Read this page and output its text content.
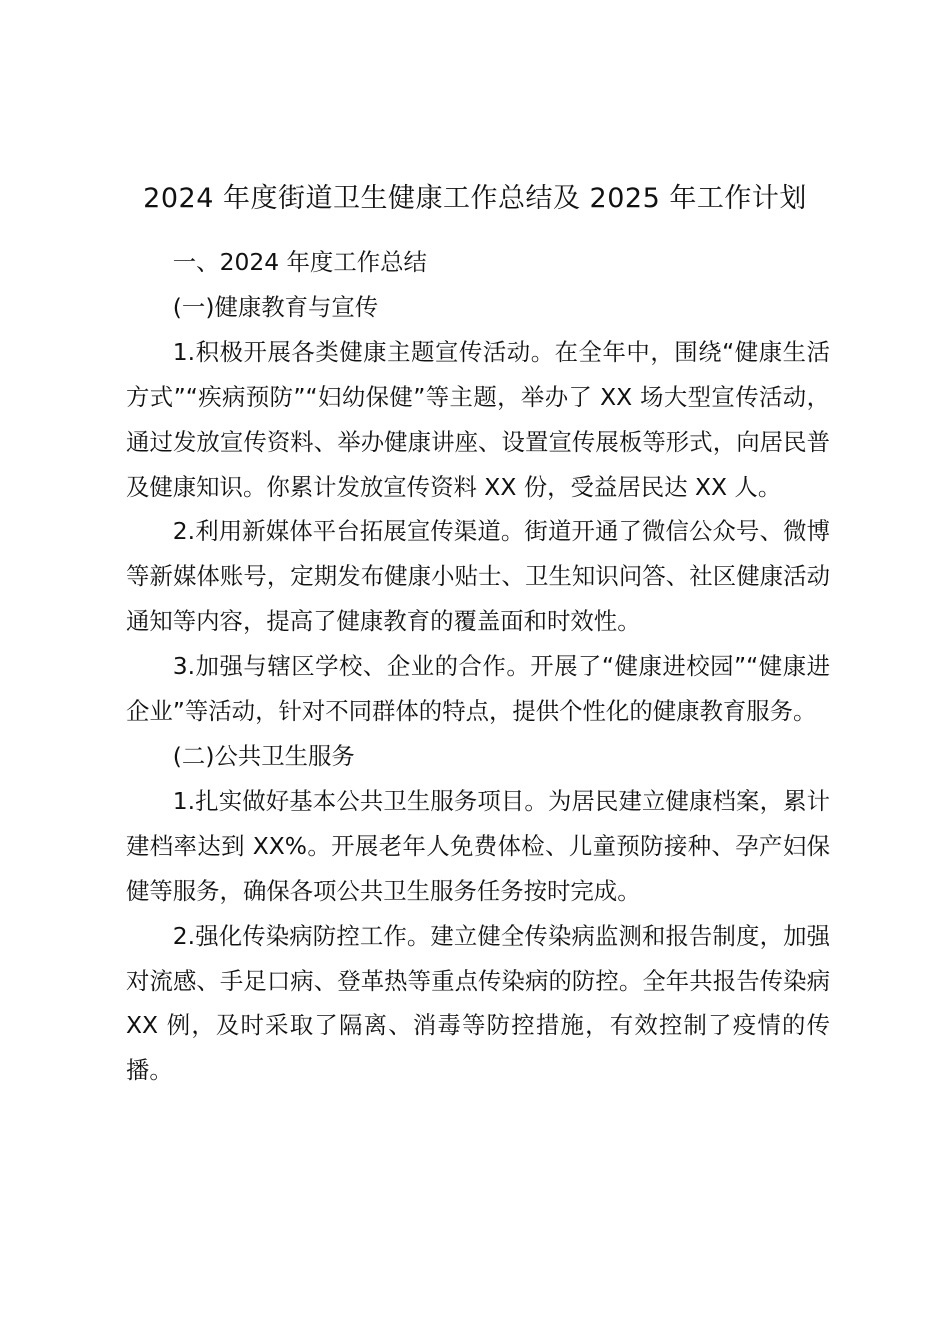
2024 年度街道卫生健康工作总结及 2025 年工作计划

一、2024 年度工作总结

(一)健康教育与宣传

1.积极开展各类健康主题宣传活动。在全年中，围绕“健康生活方式”“疾病预防”“妇幼保健”等主题，举办了 XX 场大型宣传活动，通过发放宣传资料、举办健康讲座、设置宣传展板等形式，向居民普及健康知识。你累计发放宣传资料 XX 份，受益居民达 XX 人。

2.利用新媒体平台拓展宣传渠道。街道开通了微信公众号、微博等新媒体账号，定期发布健康小贴士、卫生知识问答、社区健康活动通知等内容，提高了健康教育的覆盖面和时效性。

3.加强与辖区学校、企业的合作。开展了“健康进校园”“健康进企业”等活动，针对不同群体的特点，提供个性化的健康教育服务。

(二)公共卫生服务

1.扎实做好基本公共卫生服务项目。为居民建立健康档案，累计建档率达到 XX%。开展老年人免费体检、儿童预防接种、孕产妇保健等服务，确保各项公共卫生服务任务按时完成。

2.强化传染病防控工作。建立健全传染病监测和报告制度，加强对流感、手足口病、登革热等重点传染病的防控。全年共报告传染病 XX 例，及时采取了隔离、消毒等防控措施，有效控制了疫情的传播。
